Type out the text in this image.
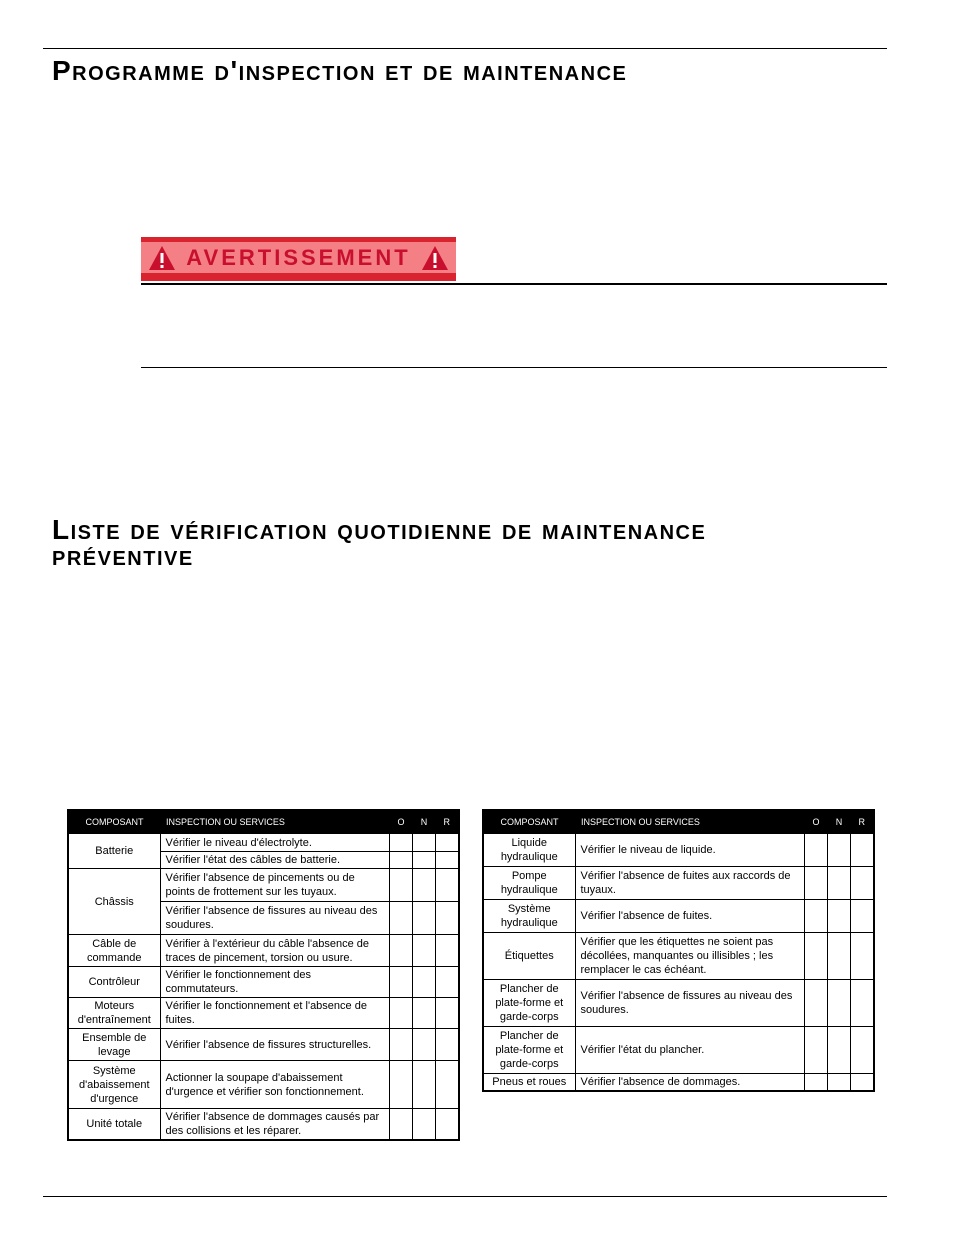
Programme d'inspection et de maintenance
AVERTISSEMENT
Liste de vérification quotidienne de maintenance
préventive
COMPOSANT	INSPECTION OU SERVICES	O	N	R
Batterie	Vérifier le niveau d'électrolyte.			
	Vérifier l'état des câbles de batterie.			
Châssis	Vérifier l'absence de pincements ou de points de frottement sur les tuyaux.			
	Vérifier l'absence de fissures au niveau des soudures.			
Câble de commande	Vérifier à l'extérieur du câble l'absence de traces de pincement, torsion ou usure.			
Contrôleur	Vérifier le fonctionnement des commutateurs.			
Moteurs d'entraînement	Vérifier le fonctionnement et l'absence de fuites.			
Ensemble de levage	Vérifier l'absence de fissures structurelles.			
Système d'abaissement d'urgence	Actionner la soupape d'abaissement d'urgence et vérifier son fonctionnement.			
Unité totale	Vérifier l'absence de dommages causés par des collisions et les réparer.			
COMPOSANT	INSPECTION OU SERVICES	O	N	R
Liquide hydraulique	Vérifier le niveau de liquide.			
Pompe hydraulique	Vérifier l'absence de fuites aux raccords de tuyaux.			
Système hydraulique	Vérifier l'absence de fuites.			
Étiquettes	Vérifier que les étiquettes ne soient pas décollées, manquantes ou illisibles ; les remplacer le cas échéant.			
Plancher de plate-forme et garde-corps	Vérifier l'absence de fissures au niveau des soudures.			
Plancher de plate-forme et garde-corps	Vérifier l'état du plancher.			
Pneus et roues	Vérifier l'absence de dommages.			
